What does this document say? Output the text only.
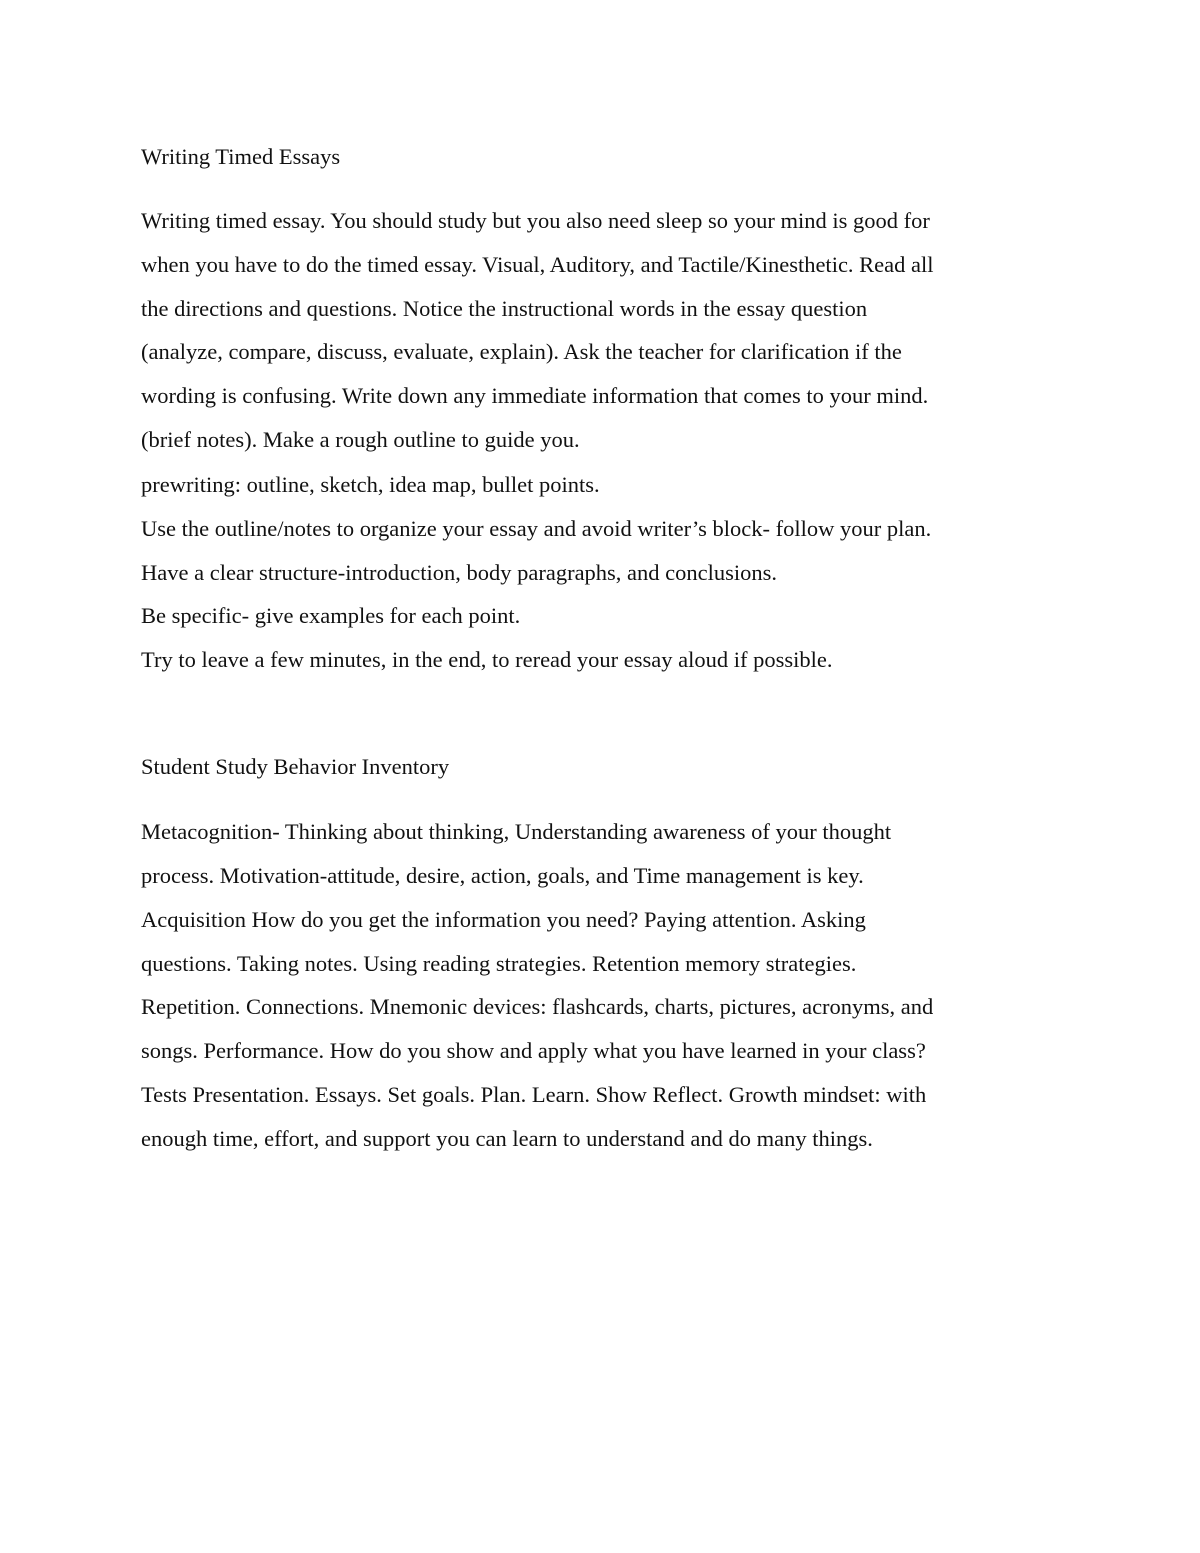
Writing Timed Essays
Writing timed essay. You should study but you also need sleep so your mind is good for
when you have to do the timed essay. Visual, Auditory, and Tactile/Kinesthetic. Read all
the directions and questions. Notice the instructional words in the essay question
(analyze, compare, discuss, evaluate, explain). Ask the teacher for clarification if the
wording is confusing. Write down any immediate information that comes to your mind.
(brief notes). Make a rough outline to guide you.
prewriting: outline, sketch, idea map, bullet points.
Use the outline/notes to organize your essay and avoid writer’s block- follow your plan.
Have a clear structure-introduction, body paragraphs, and conclusions.
Be specific- give examples for each point.
Try to leave a few minutes, in the end, to reread your essay aloud if possible.
Student Study Behavior Inventory
Metacognition- Thinking about thinking, Understanding awareness of your thought
process. Motivation-attitude, desire, action, goals, and Time management is key.
Acquisition How do you get the information you need? Paying attention. Asking
questions. Taking notes. Using reading strategies. Retention memory strategies.
Repetition. Connections. Mnemonic devices: flashcards, charts, pictures, acronyms, and
songs. Performance. How do you show and apply what you have learned in your class?
Tests Presentation. Essays. Set goals. Plan. Learn. Show Reflect. Growth mindset: with
enough time, effort, and support you can learn to understand and do many things.
